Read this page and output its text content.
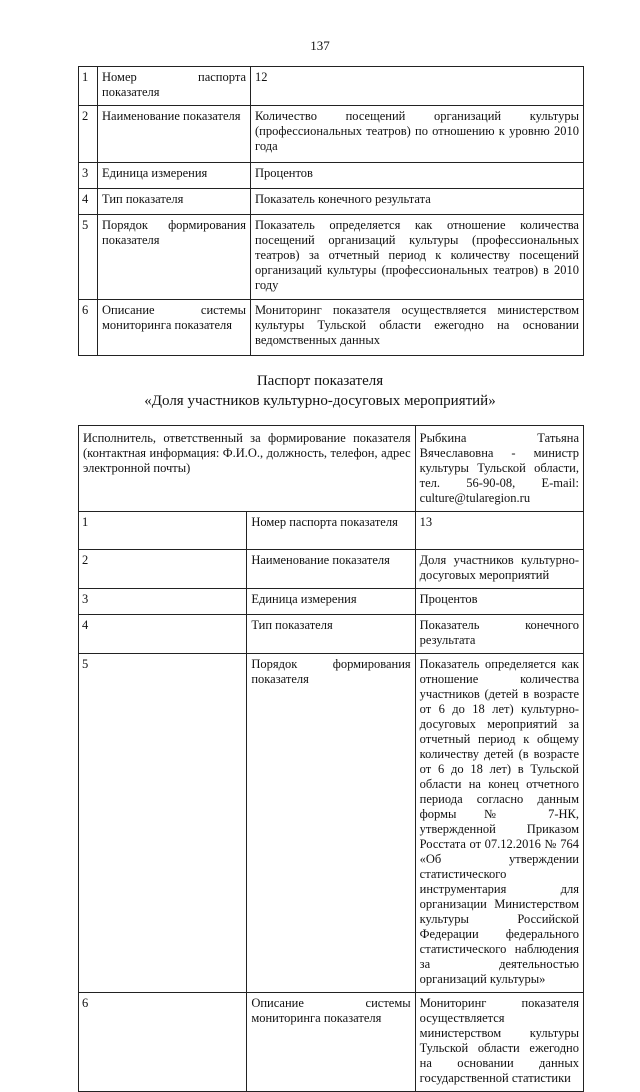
137
1	Номер паспорта показателя	12
2	Наименование показателя	Количество посещений организаций культуры (профессиональных театров) по отношению к уровню 2010 года
3	Единица измерения	Процентов
4	Тип показателя	Показатель конечного результата
5	Порядок формирования показателя	Показатель определяется как отношение количества посещений организаций культуры (профессиональных театров) за отчетный период к количеству посещений организаций культуры (профессиональных театров) в 2010 году
6	Описание системы мониторинга показателя	Мониторинг показателя осуществляется министерством культуры Тульской области ежегодно на основании ведомственных данных
Паспорт показателя
«Доля участников культурно-досуговых мероприятий»
Исполнитель, ответственный за формирование показателя (контактная информация: Ф.И.О., должность, телефон, адрес электронной почты)		Рыбкина Татьяна Вячеславовна - министр культуры Тульской области, тел. 56-90-08, E-mail: culture@tularegion.ru
1	Номер паспорта показателя	13
2	Наименование показателя	Доля участников культурно-досуговых мероприятий
3	Единица измерения	Процентов
4	Тип показателя	Показатель конечного результата
5	Порядок формирования показателя	Показатель определяется как отношение количества участников (детей в возрасте от 6 до 18 лет) культурно-досуговых мероприятий за отчетный период к общему количеству детей (в возрасте от 6 до 18 лет) в Тульской области на конец отчетного периода согласно данным формы № 7-НК, утвержденной Приказом Росстата от 07.12.2016 № 764 «Об утверждении статистического инструментария для организации Министерством культуры Российской Федерации федерального статистического наблюдения за деятельностью организаций культуры»
6	Описание системы мониторинга показателя	Мониторинг показателя осуществляется министерством культуры Тульской области ежегодно на основании данных государственной статистики
